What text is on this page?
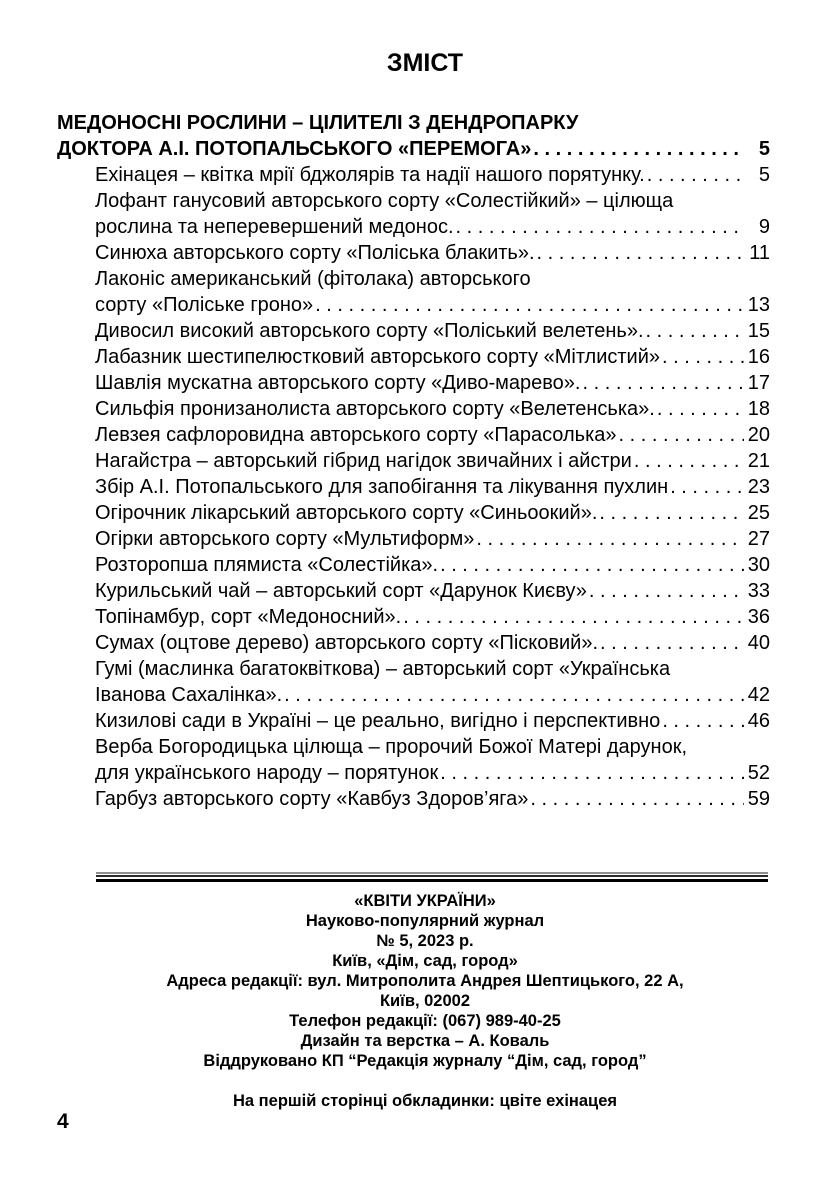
ЗМІСТ
МЕДОНОСНІ РОСЛИНИ – ЦІЛИТЕЛІ З ДЕНДРОПАРКУ
ДОКТОРА А.І. ПОТОПАЛЬСЬКОГО «ПЕРЕМОГА» . .	5
Ехінацея – квітка мрії бджолярів та надії нашого порятунку. . .	5
Лофант ганусовий авторського сорту «Солестійкий» – цілюща
рослина та неперевершений медонос. . .	9
Синюха авторського сорту «Поліська блакить». . .	11
Лаконіс американський (фітолака) авторського
сорту «Поліське гроно» . .	13
Дивосил високий авторського сорту «Поліський велетень». . .	15
Лабазник шестипелюстковий авторського сорту «Мітлистий» . .	16
Шавлія мускатна авторського сорту «Диво-марево». . .	17
Сильфія пронизанолиста авторського сорту «Велетенська». . .	18
Левзея сафлоровидна авторського сорту «Парасолька» . .	20
Нагайстра – авторський гібрид нагідок звичайних і айстри . .	21
Збір А.І. Потопальського для запобігання та лікування пухлин . .	23
Огірочник лікарський авторського сорту «Синьоокий». . .	25
Огірки авторського сорту «Мультиформ» . .	27
Розторопша плямиста «Солестійка». . .	30
Курильський чай – авторський сорт «Дарунок Києву» . .	33
Топінамбур, сорт «Медоносний». . .	36
Сумах (оцтове дерево) авторського сорту «Пісковий». . .	40
Гумі (маслинка багатоквіткова) – авторський сорт «Українська
Іванова Сахалінка». . .	42
Кизилові сади в Україні – це реально, вигідно і перспективно . .	46
Верба Богородицька цілюща – пророчий Божої Матері дарунок,
для українського народу – порятунок . .	52
Гарбуз авторського сорту «Кавбуз Здоров’яга» . .	59
«КВІТИ УКРАЇНИ»
Науково-популярний журнал
№ 5, 2023 р.
Київ, «Дім, сад, город»
Адреса редакції: вул. Митрополита Андрея Шептицького, 22 А,
Київ, 02002
Телефон редакції: (067) 989-40-25
Дизайн та верстка – А. Коваль
Віддруковано КП “Редакція журналу “Дім, сад, город”
На першій сторінці обкладинки: цвіте ехінацея
4
